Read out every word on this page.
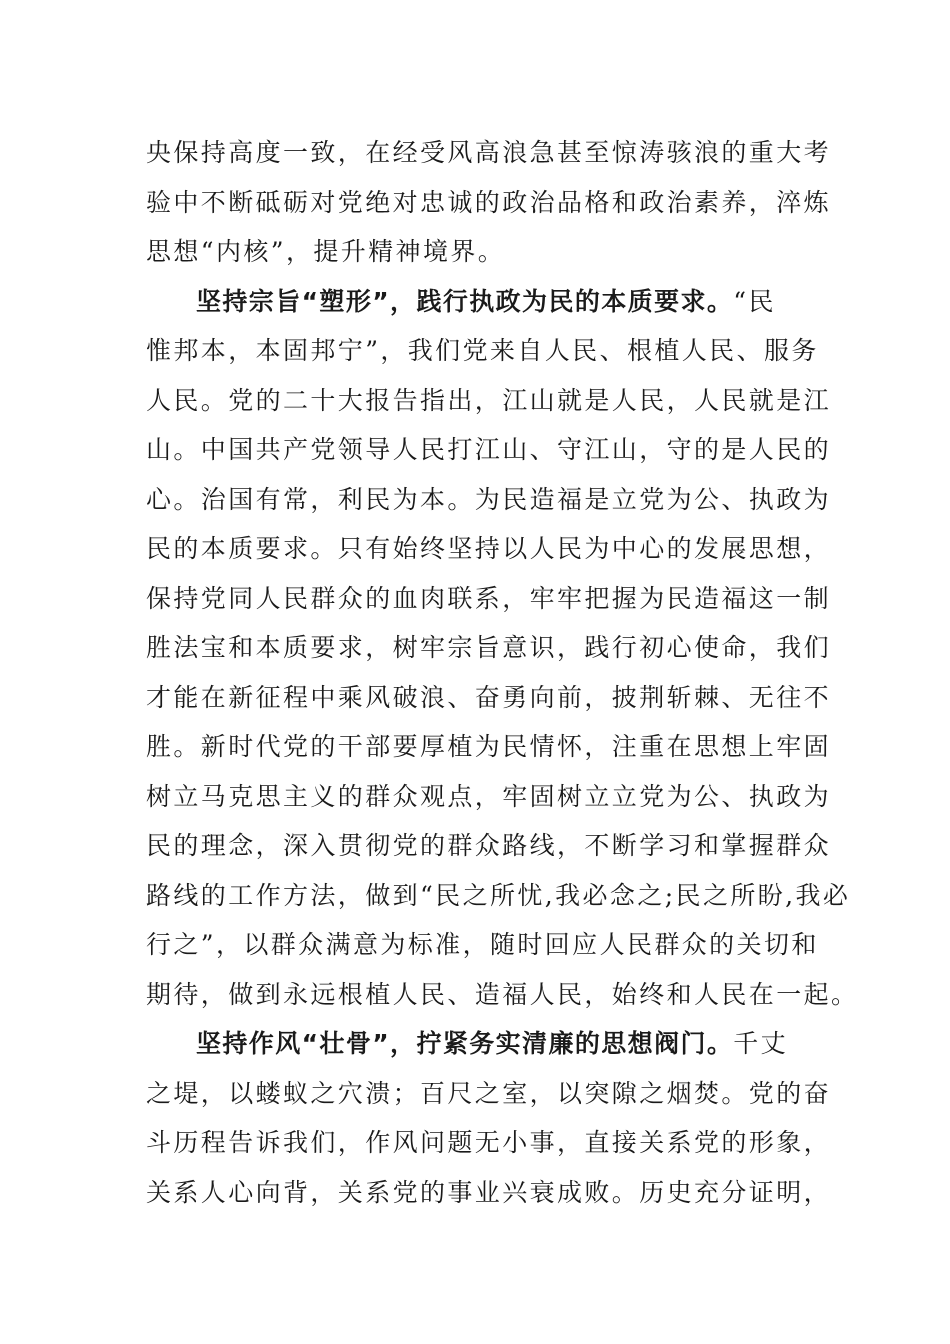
央保持高度一致，在经受风高浪急甚至惊涛骇浪的重大考
验中不断砥砺对党绝对忠诚的政治品格和政治素养，淬炼
思想“内核”，提升精神境界。
坚持宗旨“塑形”，践行执政为民的本质要求。“民
惟邦本，本固邦宁”，我们党来自人民、根植人民、服务
人民。党的二十大报告指出，江山就是人民，人民就是江
山。中国共产党领导人民打江山、守江山，守的是人民的
心。治国有常，利民为本。为民造福是立党为公、执政为
民的本质要求。只有始终坚持以人民为中心的发展思想，
保持党同人民群众的血肉联系，牢牢把握为民造福这一制
胜法宝和本质要求，树牢宗旨意识，践行初心使命，我们
才能在新征程中乘风破浪、奋勇向前，披荆斩棘、无往不
胜。新时代党的干部要厚植为民情怀，注重在思想上牢固
树立马克思主义的群众观点，牢固树立立党为公、执政为
民的理念，深入贯彻党的群众路线，不断学习和掌握群众
路线的工作方法，做到“民之所忧,我必念之;民之所盼,我必
行之”，以群众满意为标准，随时回应人民群众的关切和
期待，做到永远根植人民、造福人民，始终和人民在一起。
坚持作风“壮骨”，拧紧务实清廉的思想阀门。千丈
之堤，以蝼蚁之穴溃；百尺之室，以突隙之烟焚。党的奋
斗历程告诉我们，作风问题无小事，直接关系党的形象，
关系人心向背，关系党的事业兴衰成败。历史充分证明，
